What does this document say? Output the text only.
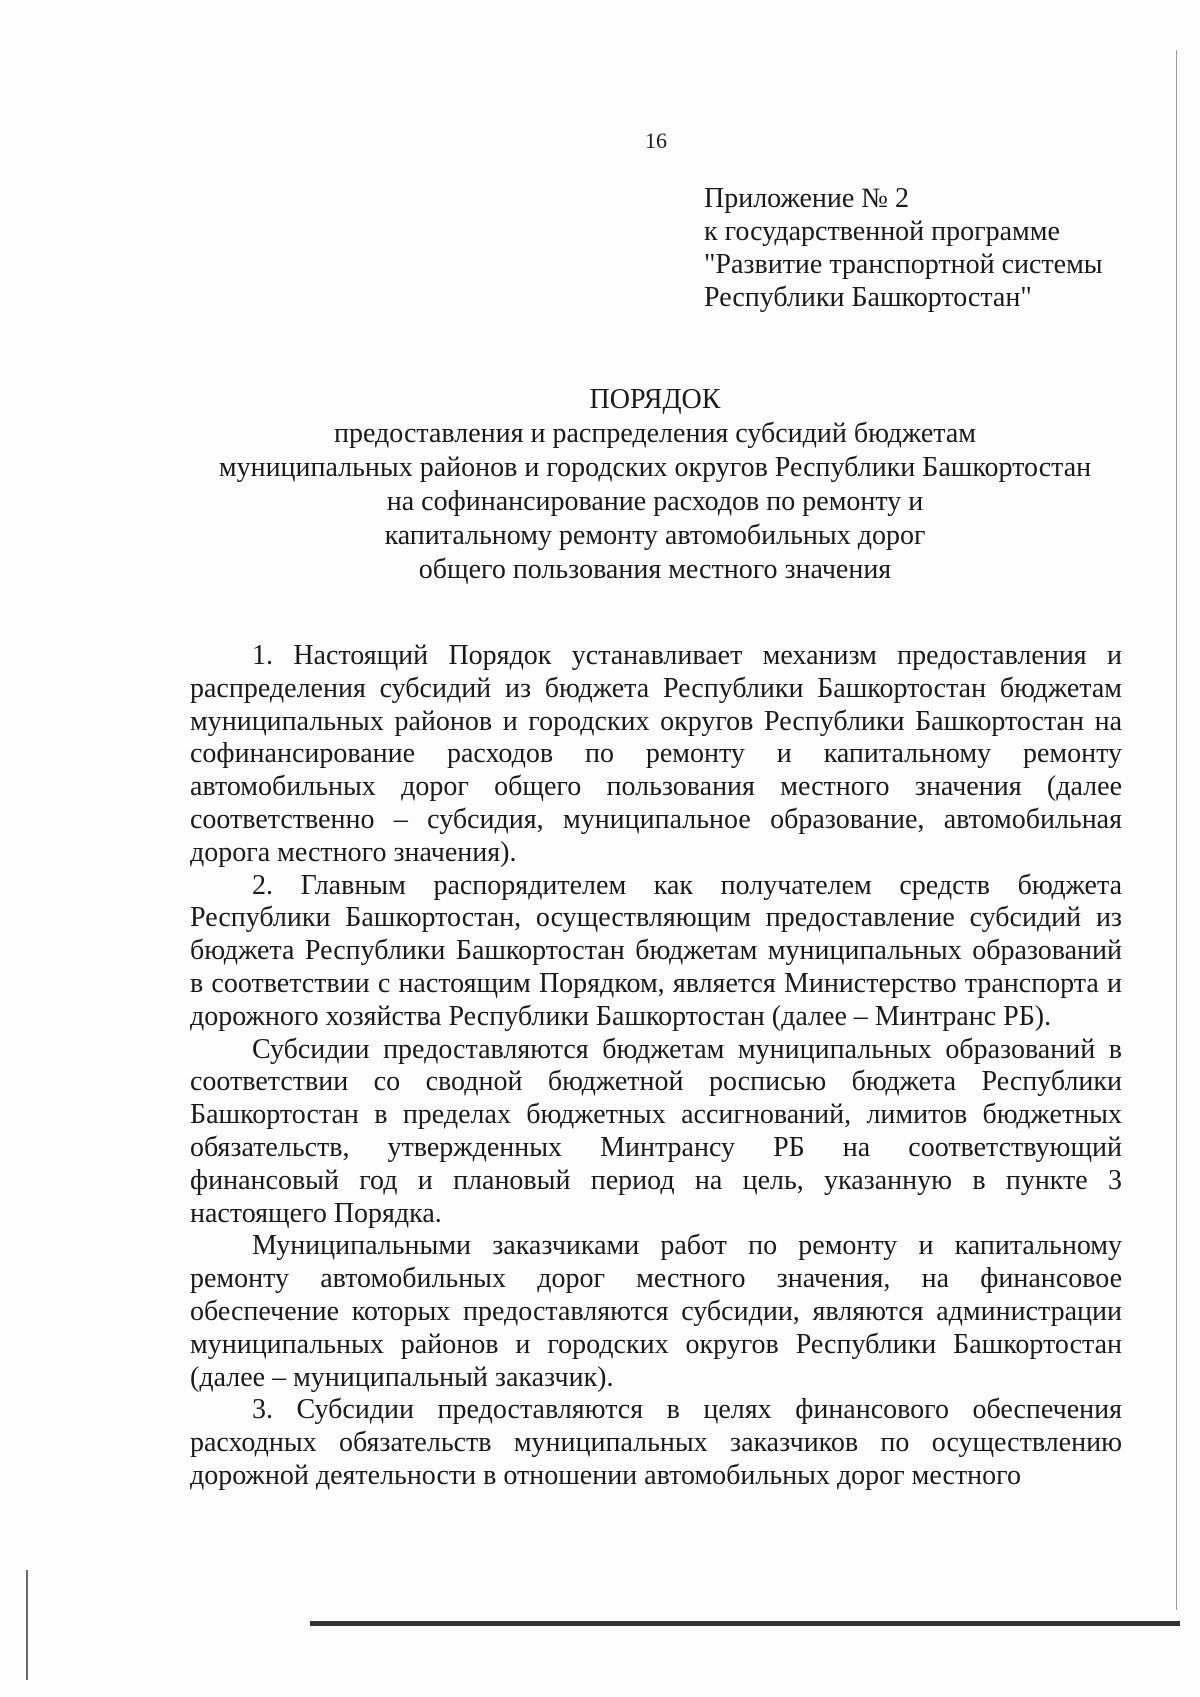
16
Приложение № 2
к государственной программе
"Развитие транспортной системы
Республики Башкортостан"
ПОРЯДОК
предоставления и распределения субсидий бюджетам
муниципальных районов и городских округов Республики Башкортостан
на софинансирование расходов по ремонту и
капитальному ремонту автомобильных дорог
общего пользования местного значения

1. Настоящий Порядок устанавливает механизм предоставления и распределения субсидий из бюджета Республики Башкортостан бюджетам муниципальных районов и городских округов Республики Башкортостан на софинансирование расходов по ремонту и капитальному ремонту автомобильных дорог общего пользования местного значения (далее соответственно – субсидия, муниципальное образование, автомобильная дорога местного значения).

2. Главным распорядителем как получателем средств бюджета Республики Башкортостан, осуществляющим предоставление субсидий из бюджета Республики Башкортостан бюджетам муниципальных образований в соответствии с настоящим Порядком, является Министерство транспорта и дорожного хозяйства Республики Башкортостан (далее – Минтранс РБ).

Субсидии предоставляются бюджетам муниципальных образований в соответствии со сводной бюджетной росписью бюджета Республики Башкортостан в пределах бюджетных ассигнований, лимитов бюджетных обязательств, утвержденных Минтрансу РБ на соответствующий финансовый год и плановый период на цель, указанную в пункте 3 настоящего Порядка.

Муниципальными заказчиками работ по ремонту и капитальному ремонту автомобильных дорог местного значения, на финансовое обеспечение которых предоставляются субсидии, являются администрации муниципальных районов и городских округов Республики Башкортостан (далее – муниципальный заказчик).

3. Субсидии предоставляются в целях финансового обеспечения расходных обязательств муниципальных заказчиков по осуществлению дорожной деятельности в отношении автомобильных дорог местного
